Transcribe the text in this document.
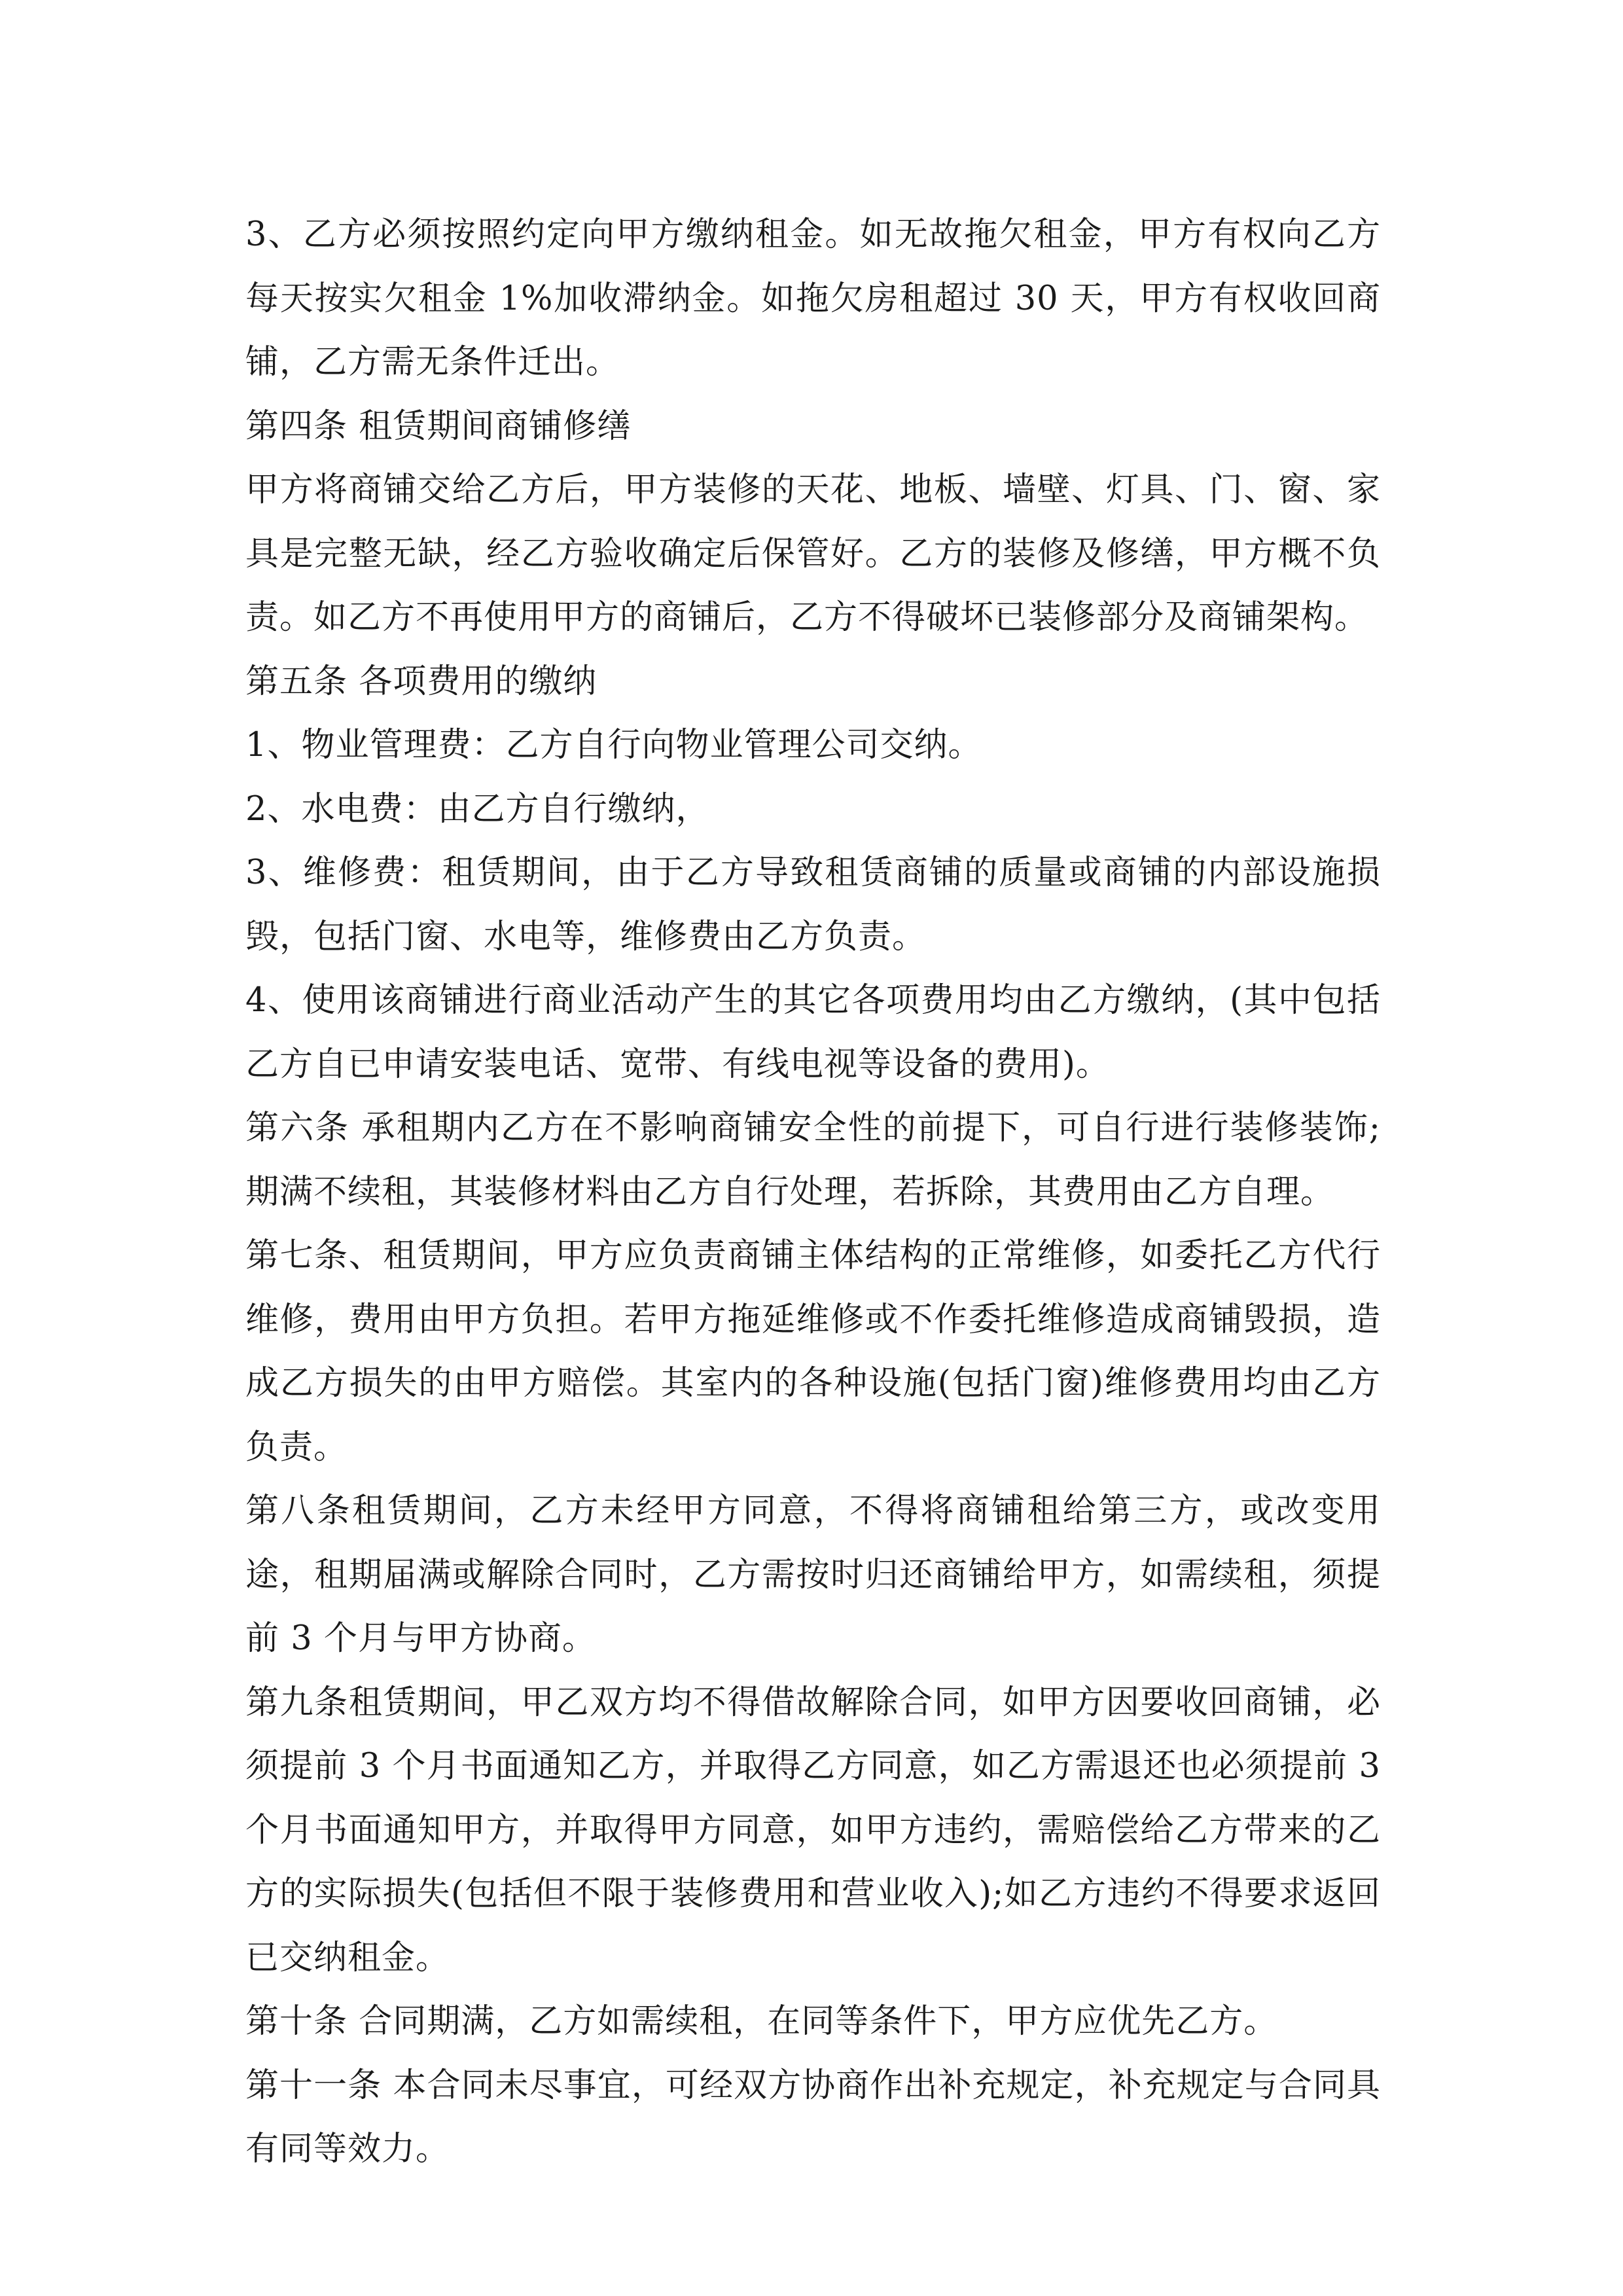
3、乙方必须按照约定向甲方缴纳租金。如无故拖欠租金，甲方有权向乙方每天按实欠租金 1%加收滞纳金。如拖欠房租超过 30 天，甲方有权收回商铺，乙方需无条件迁出。

第四条 租赁期间商铺修缮

甲方将商铺交给乙方后，甲方装修的天花、地板、墙壁、灯具、门、窗、家具是完整无缺，经乙方验收确定后保管好。乙方的装修及修缮，甲方概不负责。如乙方不再使用甲方的商铺后，乙方不得破坏已装修部分及商铺架构。

第五条 各项费用的缴纳

1、物业管理费：乙方自行向物业管理公司交纳。

2、水电费：由乙方自行缴纳，

3、维修费：租赁期间，由于乙方导致租赁商铺的质量或商铺的内部设施损毁，包括门窗、水电等，维修费由乙方负责。

4、使用该商铺进行商业活动产生的其它各项费用均由乙方缴纳，(其中包括乙方自已申请安装电话、宽带、有线电视等设备的费用)。

第六条 承租期内乙方在不影响商铺安全性的前提下，可自行进行装修装饰;期满不续租，其装修材料由乙方自行处理，若拆除，其费用由乙方自理。

第七条、租赁期间，甲方应负责商铺主体结构的正常维修，如委托乙方代行维修，费用由甲方负担。若甲方拖延维修或不作委托维修造成商铺毁损，造成乙方损失的由甲方赔偿。其室内的各种设施(包括门窗)维修费用均由乙方负责。

第八条租赁期间，乙方未经甲方同意，不得将商铺租给第三方，或改变用途，租期届满或解除合同时，乙方需按时归还商铺给甲方，如需续租，须提前 3 个月与甲方协商。

第九条租赁期间，甲乙双方均不得借故解除合同，如甲方因要收回商铺，必须提前 3 个月书面通知乙方，并取得乙方同意，如乙方需退还也必须提前 3 个月书面通知甲方，并取得甲方同意，如甲方违约，需赔偿给乙方带来的乙方的实际损失(包括但不限于装修费用和营业收入);如乙方违约不得要求返回已交纳租金。

第十条 合同期满，乙方如需续租，在同等条件下，甲方应优先乙方。

第十一条 本合同未尽事宜，可经双方协商作出补充规定，补充规定与合同具有同等效力。
